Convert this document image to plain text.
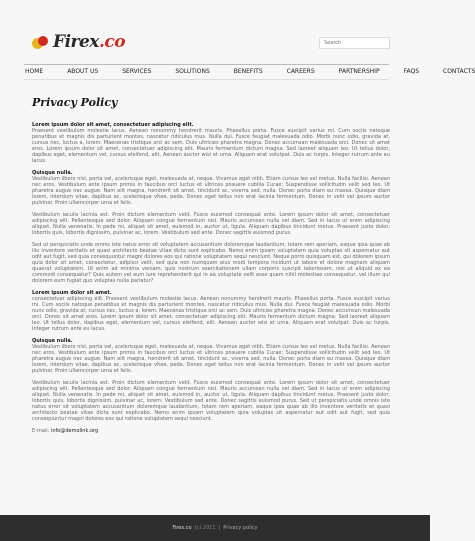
Firex.co
Search
HOME	ABOUT US	SERVICES	SOLUTIONS	BENEFITS	CAREERS	PARTNERSHIP	FAQS	CONTACTS
Privacy Policy
Lorem ipsum dolor sit amet, consectetuer adipiscing elit.

Praesent vestibulum molestie lacus. Aenean nonummy hendrerit mauris. Phasellus porta. Fusce suscipit varius mi. Cum sociis natoque penatibus et magnis dis parturient montes, nascetur ridiculus mus. Nulla dui. Fusce feugiat malesuada odio. Morbi nunc odio, gravida at, cursus nec, luctus a, lorem. Maecenas tristique orci ac sem. Duis ultricies pharetra magna. Donec accumsan malesuada orci. Donec sit amet eros. Lorem ipsum dolor sit amet, consectetuer adipiscing elit. Mauris fermentum dictum magna. Sed laoreet aliquam leo. Ut tellus dolor, dapibus eget, elementum vel, cursus eleifend, elit. Aenean auctor wisi et urna. Aliquam erat volutpat. Duis ac turpis. Integer rutrum ante eu lacus.

Quisque nulla.

Vestibulum libero nisl, porta vel, scelerisque eget, malesuada at, neque. Vivamus eget nibh. Etiam cursus leo vel metus. Nulla facilisi. Aenean nec eros. Vestibulum ante ipsum primis in faucibus orci luctus et ultrices posuere cubilia Curae; Suspendisse sollicitudin velit sed leo. Ut pharetra augue nec augue. Nam elit magna, hendrerit sit amet, tincidunt ac, viverra sed, nulla. Donec porta diam eu massa. Quisque diam lorem, interdum vitae, dapibus ac, scelerisque vitae, pede. Donec eget tellus non erat lacinia fermentum. Donec in velit vel ipsum auctor pulvinar. Proin ullamcorper urna et felis.

Vestibulum iaculis lacinia est. Proin dictum elementum velit. Fusce euismod consequat ante. Lorem ipsum dolor sit amet, consectetuer adipiscing elit. Pellentesque sed dolor. Aliquam congue fermentum nisl. Mauris accumsan nulla vel diam. Sed in lacus ut enim adipiscing aliquet. Nulla venenatis. In pede mi, aliquet sit amet, euismod in, auctor ut, ligula. Aliquam dapibus tincidunt metus. Praesent justo dolor, lobortis quis, lobortis dignissim, pulvinar ac, lorem. Vestibulum sed ante. Donec sagittis euismod purus.

Sed ut perspiciatis unde omnis iste natus error sit voluptatem accusantium doloremque laudantium, totam rem aperiam, eaque ipsa quae ab illo inventore veritatis et quasi architecto beatae vitae dicta sunt explicabo. Nemo enim ipsam voluptatem quia voluptas sit aspernatur aut odit aut fugit, sed quia consequuntur magni dolores eos qui ratione voluptatem sequi nesciunt. Neque porro quisquam est, qui dolorem ipsum quia dolor sit amet, consectetur, adipisci velit, sed quia non numquam eius modi tempora incidunt ut labore et dolore magnam aliquam quaerat voluptatem. Ut enim ad minima veniam, quis nostrum exercitationem ullam corporis suscipit laboriosam, nisi ut aliquid ex ea commodi consequatur? Quis autem vel eum iure reprehenderit qui in ea voluptate velit esse quam nihil molestiae consequatur, vel illum qui dolorem eum fugiat quo voluptas nulla pariatur?

Lorem ipsum dolor sit amet.

consectetuer adipiscing elit. Praesent vestibulum molestie lacus. Aenean nonummy hendrerit mauris. Phasellus porta. Fusce suscipit varius mi. Cum sociis natoque penatibus et magnis dis parturient montes, nascetur ridiculus mus. Nulla dui. Fusce feugiat malesuada odio. Morbi nunc odio, gravida at, cursus nec, luctus a, lorem. Maecenas tristique orci ac sem. Duis ultricies pharetra magna. Donec accumsan malesuada orci. Donec sit amet eros. Lorem ipsum dolor sit amet, consectetuer adipiscing elit. Mauris fermentum dictum magna. Sed laoreet aliquam leo. Ut tellus dolor, dapibus eget, elementum vel, cursus eleifend, elit. Aenean auctor wisi et urna. Aliquam erat volutpat. Duis ac turpis. Integer rutrum ante eu lacus.

Quisque nulla.

Vestibulum libero nisl, porta vel, scelerisque eget, malesuada at, neque. Vivamus eget nibh. Etiam cursus leo vel metus. Nulla facilisi. Aenean nec eros. Vestibulum ante ipsum primis in faucibus orci luctus et ultrices posuere cubilia Curae; Suspendisse sollicitudin velit sed leo. Ut pharetra augue nec augue. Nam elit magna, hendrerit sit amet, tincidunt ac, viverra sed, nulla. Donec porta diam eu massa. Quisque diam lorem, interdum vitae, dapibus ac, scelerisque vitae, pede. Donec eget tellus non erat lacinia fermentum. Donec in velit vel ipsum auctor pulvinar. Proin ullamcorper urna et felis.

Vestibulum iaculis lacinia est. Proin dictum elementum velit. Fusce euismod consequat ante. Lorem ipsum dolor sit amet, consectetuer adipiscing elit. Pellentesque sed dolor. Aliquam congue fermentum nisl. Mauris accumsan nulla vel diam. Sed in lacus ut enim adipiscing aliquet. Nulla venenatis. In pede mi, aliquet sit amet, euismod in, auctor ut, ligula. Aliquam dapibus tincidunt metus. Praesent justo dolor, lobortis quis, lobortis dignissim, pulvinar ac, lorem. Vestibulum sed ante. Donec sagittis euismod purus. Sed ut perspiciatis unde omnis iste natus error sit voluptatem accusantium doloremque laudantium, totam rem aperiam, eaque ipsa quae ab illo inventore veritatis et quasi architecto beatae vitae dicta sunt explicabo. Nemo enim ipsam voluptatem quia voluptas sit aspernatur aut odit aut fugit, sed quia consequuntur magni dolores eos qui ratione voluptatem sequi nesciunt.

E-mail: info@demolink.org
Firex.co (c) 2011 | Privacy policy
